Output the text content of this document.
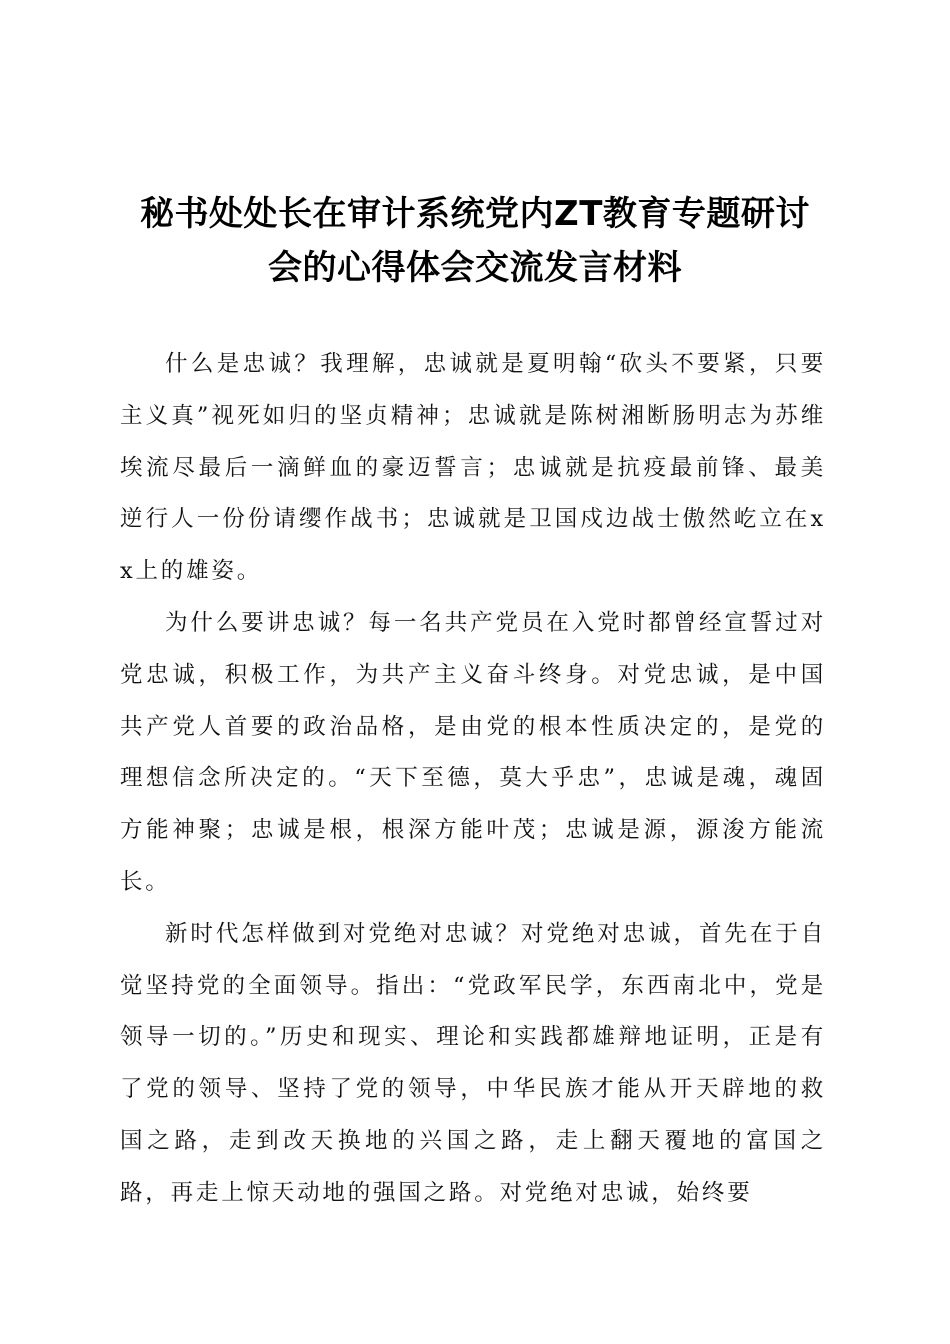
秘书处处长在审计系统党内ZT教育专题研讨
会的心得体会交流发言材料

什么是忠诚？我理解，忠诚就是夏明翰“砍头不要紧，只要主义真”视死如归的坚贞精神；忠诚就是陈树湘断肠明志为苏维埃流尽最后一滴鲜血的豪迈誓言；忠诚就是抗疫最前锋、最美逆行人一份份请缨作战书；忠诚就是卫国戍边战士傲然屹立在xx上的雄姿。

为什么要讲忠诚？每一名共产党员在入党时都曾经宣誓过对党忠诚，积极工作，为共产主义奋斗终身。对党忠诚，是中国共产党人首要的政治品格，是由党的根本性质决定的，是党的理想信念所决定的。“天下至德，莫大乎忠”，忠诚是魂，魂固方能神聚；忠诚是根，根深方能叶茂；忠诚是源，源浚方能流长。

新时代怎样做到对党绝对忠诚？对党绝对忠诚，首先在于自觉坚持党的全面领导。指出：“党政军民学，东西南北中，党是领导一切的。”历史和现实、理论和实践都雄辩地证明，正是有了党的领导、坚持了党的领导，中华民族才能从开天辟地的救国之路，走到改天换地的兴国之路，走上翻天覆地的富国之路，再走上惊天动地的强国之路。对党绝对忠诚，始终要
